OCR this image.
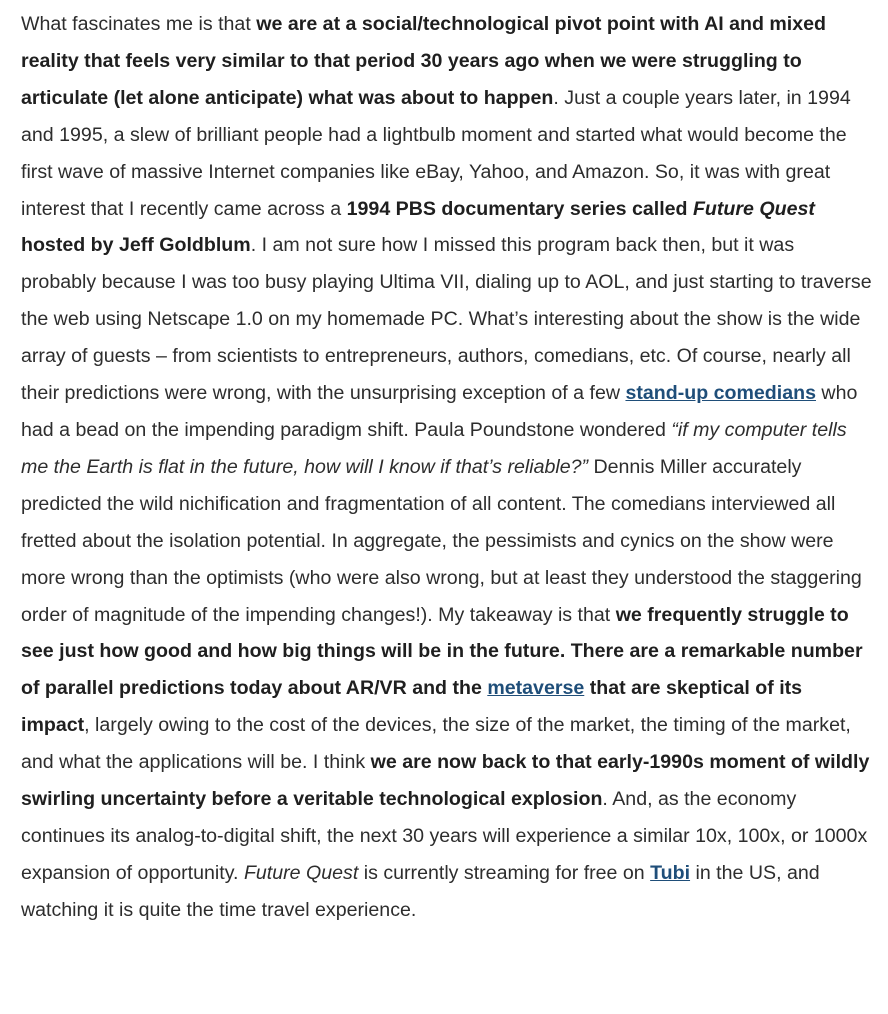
What fascinates me is that we are at a social/technological pivot point with AI and mixed reality that feels very similar to that period 30 years ago when we were struggling to articulate (let alone anticipate) what was about to happen. Just a couple years later, in 1994 and 1995, a slew of brilliant people had a lightbulb moment and started what would become the first wave of massive Internet companies like eBay, Yahoo, and Amazon. So, it was with great interest that I recently came across a 1994 PBS documentary series called Future Quest hosted by Jeff Goldblum. I am not sure how I missed this program back then, but it was probably because I was too busy playing Ultima VII, dialing up to AOL, and just starting to traverse the web using Netscape 1.0 on my homemade PC. What’s interesting about the show is the wide array of guests – from scientists to entrepreneurs, authors, comedians, etc. Of course, nearly all their predictions were wrong, with the unsurprising exception of a few stand-up comedians who had a bead on the impending paradigm shift. Paula Poundstone wondered “if my computer tells me the Earth is flat in the future, how will I know if that’s reliable?” Dennis Miller accurately predicted the wild nichification and fragmentation of all content. The comedians interviewed all fretted about the isolation potential. In aggregate, the pessimists and cynics on the show were more wrong than the optimists (who were also wrong, but at least they understood the staggering order of magnitude of the impending changes!). My takeaway is that we frequently struggle to see just how good and how big things will be in the future. There are a remarkable number of parallel predictions today about AR/VR and the metaverse that are skeptical of its impact, largely owing to the cost of the devices, the size of the market, the timing of the market, and what the applications will be. I think we are now back to that early-1990s moment of wildly swirling uncertainty before a veritable technological explosion. And, as the economy continues its analog-to-digital shift, the next 30 years will experience a similar 10x, 100x, or 1000x expansion of opportunity. Future Quest is currently streaming for free on Tubi in the US, and watching it is quite the time travel experience.
